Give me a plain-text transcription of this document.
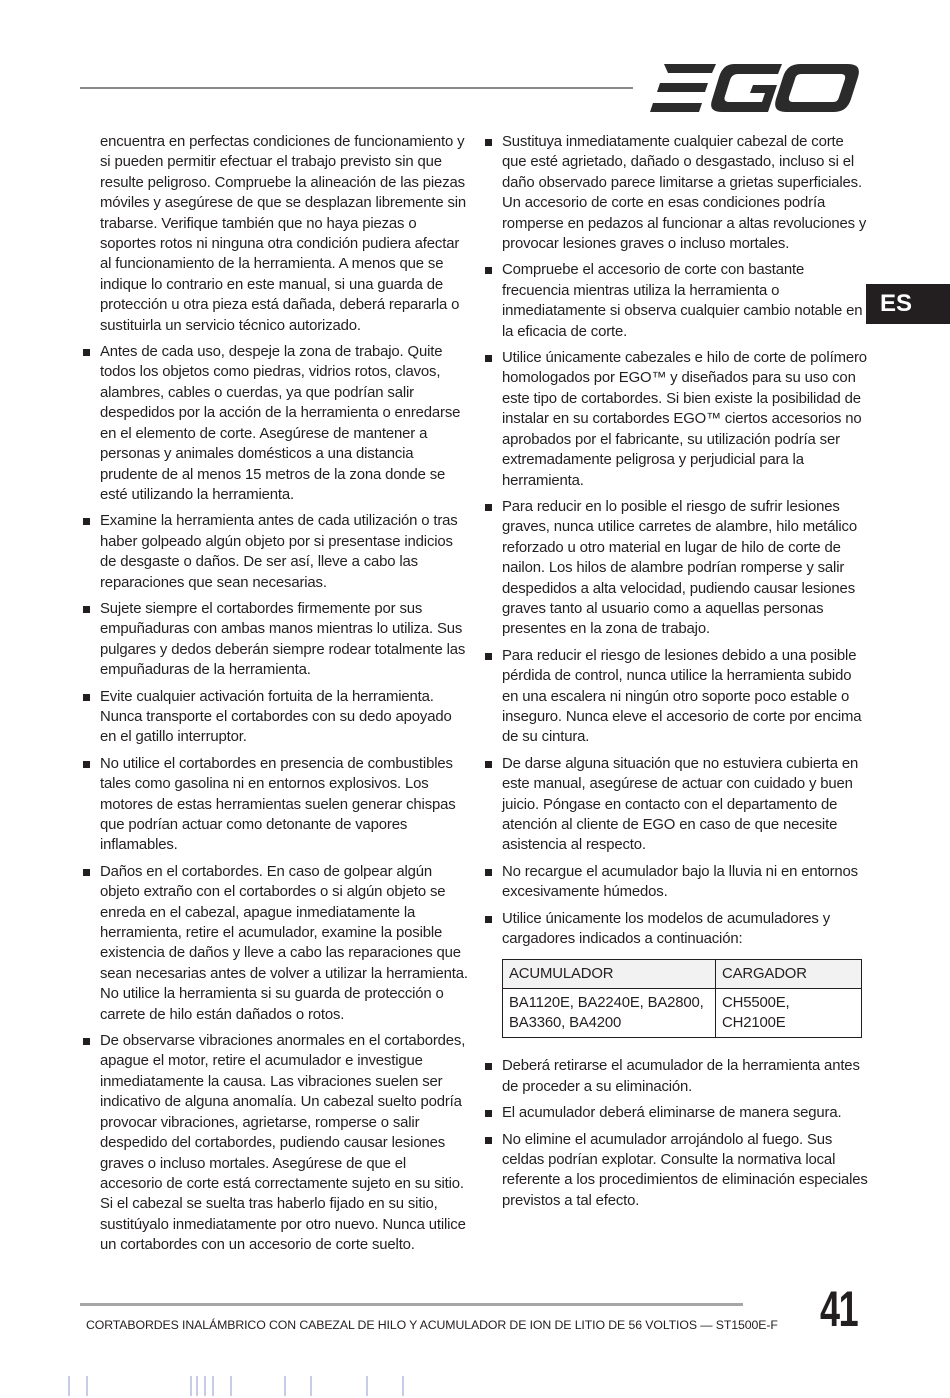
ES

encuentra en perfectas condiciones de funcionamiento y si pueden permitir efectuar el trabajo previsto sin que resulte peligroso. Compruebe la alineación de las piezas móviles y asegúrese de que se desplazan libremente sin trabarse. Verifique también que no haya piezas o soportes rotos ni ninguna otra condición pudiera afectar al funcionamiento de la herramienta. A menos que se indique lo contrario en este manual, si una guarda de protección u otra pieza está dañada, deberá repararla o sustituirla un servicio técnico autorizado.

Antes de cada uso, despeje la zona de trabajo. Quite todos los objetos como piedras, vidrios rotos, clavos, alambres, cables o cuerdas, ya que podrían salir despedidos por la acción de la herramienta o enredarse en el elemento de corte. Asegúrese de mantener a personas y animales domésticos a una distancia prudente de al menos 15 metros de la zona donde se esté utilizando la herramienta.
Examine la herramienta antes de cada utilización o tras haber golpeado algún objeto por si presentase indicios de desgaste o daños. De ser así, lleve a cabo las reparaciones que sean necesarias.
Sujete siempre el cortabordes firmemente por sus empuñaduras con ambas manos mientras lo utiliza. Sus pulgares y dedos deberán siempre rodear totalmente las empuñaduras de la herramienta.
Evite cualquier activación fortuita de la herramienta. Nunca transporte el cortabordes con su dedo apoyado en el gatillo interruptor.
No utilice el cortabordes en presencia de combustibles tales como gasolina ni en entornos explosivos. Los motores de estas herramientas suelen generar chispas que podrían actuar como detonante de vapores inflamables.
Daños en el cortabordes. En caso de golpear algún objeto extraño con el cortabordes o si algún objeto se enreda en el cabezal, apague inmediatamente la herramienta, retire el acumulador, examine la posible existencia de daños y lleve a cabo las reparaciones que sean necesarias antes de volver a utilizar la herramienta. No utilice la herramienta si su guarda de protección o carrete de hilo están dañados o rotos.
De observarse vibraciones anormales en el cortabordes, apague el motor, retire el acumulador e investigue inmediatamente la causa. Las vibraciones suelen ser indicativo de alguna anomalía. Un cabezal suelto podría provocar vibraciones, agrietarse, romperse o salir despedido del cortabordes, pudiendo causar lesiones graves o incluso mortales. Asegúrese de que el accesorio de corte está correctamente sujeto en su sitio. Si el cabezal se suelta tras haberlo fijado en su sitio, sustitúyalo inmediatamente por otro nuevo. Nunca utilice un cortabordes con un accesorio de corte suelto.
Sustituya inmediatamente cualquier cabezal de corte que esté agrietado, dañado o desgastado, incluso si el daño observado parece limitarse a grietas superficiales. Un accesorio de corte en esas condiciones podría romperse en pedazos al funcionar a altas revoluciones y provocar lesiones graves o incluso mortales.
Compruebe el accesorio de corte con bastante frecuencia mientras utiliza la herramienta o inmediatamente si observa cualquier cambio notable en la eficacia de corte.
Utilice únicamente cabezales e hilo de corte de polímero homologados por EGO™ y diseñados para su uso con este tipo de cortabordes. Si bien existe la posibilidad de instalar en su cortabordes EGO™ ciertos accesorios no aprobados por el fabricante, su utilización podría ser extremadamente peligrosa y perjudicial para la herramienta.
Para reducir en lo posible el riesgo de sufrir lesiones graves, nunca utilice carretes de alambre, hilo metálico reforzado u otro material en lugar de hilo de corte de nailon. Los hilos de alambre podrían romperse y salir despedidos a alta velocidad, pudiendo causar lesiones graves tanto al usuario como a aquellas personas presentes en la zona de trabajo.
Para reducir el riesgo de lesiones debido a una posible pérdida de control, nunca utilice la herramienta subido en una escalera ni ningún otro soporte poco estable o inseguro. Nunca eleve el accesorio de corte por encima de su cintura.
De darse alguna situación que no estuviera cubierta en este manual, asegúrese de actuar con cuidado y buen juicio. Póngase en contacto con el departamento de atención al cliente de EGO en caso de que necesite asistencia al respecto.
No recargue el acumulador bajo la lluvia ni en entornos excesivamente húmedos.
Utilice únicamente los modelos de acumuladores y cargadores indicados a continuación:
ACUMULADOR	CARGADOR
BA1120E, BA2240E, BA2800, BA3360, BA4200	CH5500E, CH2100E
Deberá retirarse el acumulador de la herramienta antes de proceder a su eliminación.
El acumulador deberá eliminarse de manera segura.
No elimine el acumulador arrojándolo al fuego. Sus celdas podrían explotar. Consulte la normativa local referente a los procedimientos de eliminación especiales previstos a tal efecto.
CORTABORDES INALÁMBRICO CON CABEZAL DE HILO Y ACUMULADOR DE ION DE LITIO DE 56 VOLTIOS — ST1500E-F 41
